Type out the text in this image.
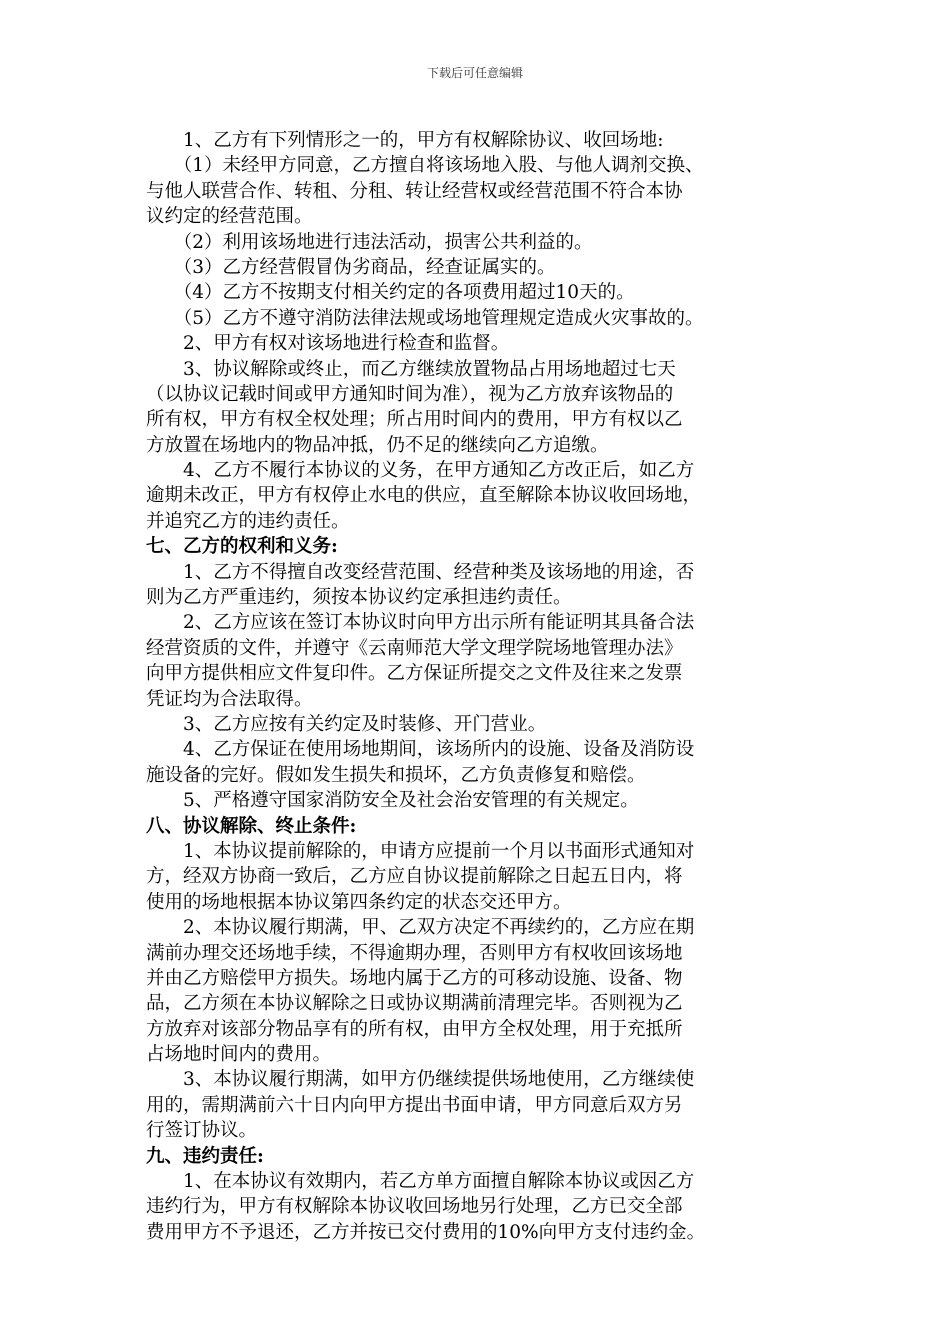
下载后可任意编辑
　　1、乙方有下列情形之一的，甲方有权解除协议、收回场地:
　　（1）未经甲方同意，乙方擅自将该场地入股、与他人调剂交换、
与他人联营合作、转租、分租、转让经营权或经营范围不符合本协
议约定的经营范围。
　　（2）利用该场地进行违法活动，损害公共利益的。
　　（3）乙方经营假冒伪劣商品，经查证属实的。
　　（4）乙方不按期支付相关约定的各项费用超过10天的。
　　（5）乙方不遵守消防法律法规或场地管理规定造成火灾事故的。
　　2、甲方有权对该场地进行检查和监督。
　　3、协议解除或终止，而乙方继续放置物品占用场地超过七天
（以协议记载时间或甲方通知时间为准），视为乙方放弃该物品的
所有权，甲方有权全权处理；所占用时间内的费用，甲方有权以乙
方放置在场地内的物品冲抵，仍不足的继续向乙方追缴。
　　4、乙方不履行本协议的义务，在甲方通知乙方改正后，如乙方
逾期未改正，甲方有权停止水电的供应，直至解除本协议收回场地，
并追究乙方的违约责任。
七、乙方的权利和义务:
　　1、乙方不得擅自改变经营范围、经营种类及该场地的用途，否
则为乙方严重违约，须按本协议约定承担违约责任。
　　2、乙方应该在签订本协议时向甲方出示所有能证明其具备合法
经营资质的文件，并遵守《云南师范大学文理学院场地管理办法》
向甲方提供相应文件复印件。乙方保证所提交之文件及往来之发票
凭证均为合法取得。
　　3、乙方应按有关约定及时装修、开门营业。
　　4、乙方保证在使用场地期间，该场所内的设施、设备及消防设
施设备的完好。假如发生损失和损坏，乙方负责修复和赔偿。
　　5、严格遵守国家消防安全及社会治安管理的有关规定。
八、协议解除、终止条件:
　　1、本协议提前解除的，申请方应提前一个月以书面形式通知对
方，经双方协商一致后，乙方应自协议提前解除之日起五日内，将
使用的场地根据本协议第四条约定的状态交还甲方。
　　2、本协议履行期满，甲、乙双方决定不再续约的，乙方应在期
满前办理交还场地手续，不得逾期办理，否则甲方有权收回该场地
并由乙方赔偿甲方损失。场地内属于乙方的可移动设施、设备、物
品，乙方须在本协议解除之日或协议期满前清理完毕。否则视为乙
方放弃对该部分物品享有的所有权，由甲方全权处理，用于充抵所
占场地时间内的费用。
　　3、本协议履行期满，如甲方仍继续提供场地使用，乙方继续使
用的，需期满前六十日内向甲方提出书面申请，甲方同意后双方另
行签订协议。
九、违约责任:
　　1、在本协议有效期内，若乙方单方面擅自解除本协议或因乙方
违约行为，甲方有权解除本协议收回场地另行处理，乙方已交全部
费用甲方不予退还，乙方并按已交付费用的10%向甲方支付违约金。
